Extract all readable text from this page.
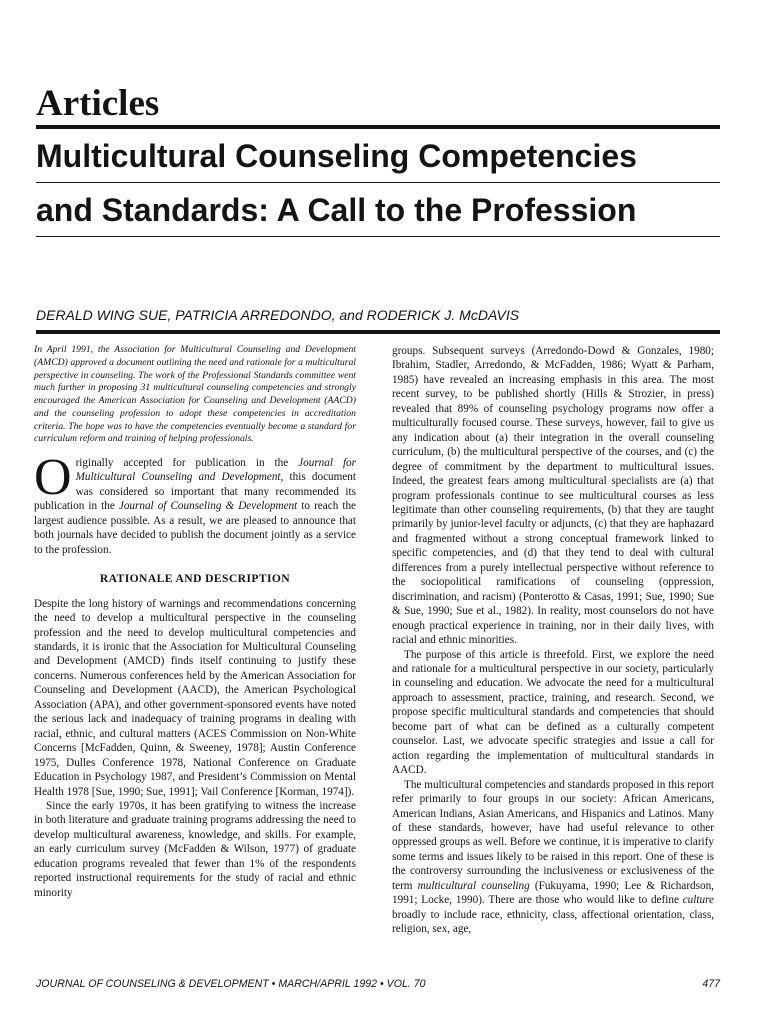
Articles
Multicultural Counseling Competencies
and Standards: A Call to the Profession

DERALD WING SUE, PATRICIA ARREDONDO, and RODERICK J. McDAVIS

In April 1991, the Association for Multicultural Counseling and Development (AMCD) approved a document outlining the need and rationale for a multicultural perspective in counseling. The work of the Professional Standards committee went much further in proposing 31 multicultural counseling competencies and strongly encouraged the American Association for Counseling and Development (AACD) and the counseling profession to adopt these competencies in accreditation criteria. The hope was to have the competencies eventually become a standard for curriculum reform and training of helping professionals.

Originally accepted for publication in the Journal for Multicultural Counseling and Development, this document was considered so important that many recommended its publication in the Journal of Counseling & Development to reach the largest audience possible. As a result, we are pleased to announce that both journals have decided to publish the document jointly as a service to the profession.

RATIONALE AND DESCRIPTION

Despite the long history of warnings and recommendations concerning the need to develop a multicultural perspective in the counseling profession and the need to develop multicultural competencies and standards, it is ironic that the Association for Multicultural Counseling and Development (AMCD) finds itself continuing to justify these concerns. Numerous conferences held by the American Association for Counseling and Development (AACD), the American Psychological Association (APA), and other government-sponsored events have noted the serious lack and inadequacy of training programs in dealing with racial, ethnic, and cultural matters (ACES Commission on Non-White Concerns [McFadden, Quinn, & Sweeney, 1978]; Austin Conference 1975, Dulles Conference 1978, National Conference on Graduate Education in Psychology 1987, and President’s Commission on Mental Health 1978 [Sue, 1990; Sue, 1991]; Vail Conference [Korman, 1974]).

Since the early 1970s, it has been gratifying to witness the increase in both literature and graduate training programs addressing the need to develop multicultural awareness, knowledge, and skills. For example, an early curriculum survey (McFadden & Wilson, 1977) of graduate education programs revealed that fewer than 1% of the respondents reported instructional requirements for the study of racial and ethnic minority

groups. Subsequent surveys (Arredondo-Dowd & Gonzales, 1980; Ibrahim, Stadler, Arredondo, & McFadden, 1986; Wyatt & Parham, 1985) have revealed an increasing emphasis in this area. The most recent survey, to be published shortly (Hills & Strozier, in press) revealed that 89% of counseling psychology programs now offer a multiculturally focused course. These surveys, however, fail to give us any indication about (a) their integration in the overall counseling curriculum, (b) the multicultural perspective of the courses, and (c) the degree of commitment by the department to multicultural issues. Indeed, the greatest fears among multicultural specialists are (a) that program professionals continue to see multicultural courses as less legitimate than other counseling requirements, (b) that they are taught primarily by junior-level faculty or adjuncts, (c) that they are haphazard and fragmented without a strong conceptual framework linked to specific competencies, and (d) that they tend to deal with cultural differences from a purely intellectual perspective without reference to the sociopolitical ramifications of counseling (oppression, discrimination, and racism) (Ponterotto & Casas, 1991; Sue, 1990; Sue & Sue, 1990; Sue et al., 1982). In reality, most counselors do not have enough practical experience in training, nor in their daily lives, with racial and ethnic minorities.

The purpose of this article is threefold. First, we explore the need and rationale for a multicultural perspective in our society, particularly in counseling and education. We advocate the need for a multicultural approach to assessment, practice, training, and research. Second, we propose specific multicultural standards and competencies that should become part of what can be defined as a culturally competent counselor. Last, we advocate specific strategies and issue a call for action regarding the implementation of multicultural standards in AACD.

The multicultural competencies and standards proposed in this report refer primarily to four groups in our society: African Americans, American Indians, Asian Americans, and Hispanics and Latinos. Many of these standards, however, have had useful relevance to other oppressed groups as well. Before we continue, it is imperative to clarify some terms and issues likely to be raised in this report. One of these is the controversy surrounding the inclusiveness or exclusiveness of the term multicultural counseling (Fukuyama, 1990; Lee & Richardson, 1991; Locke, 1990). There are those who would like to define culture broadly to include race, ethnicity, class, affectional orientation, class, religion, sex, age,

JOURNAL OF COUNSELING & DEVELOPMENT • MARCH/APRIL 1992 • VOL. 70	477
